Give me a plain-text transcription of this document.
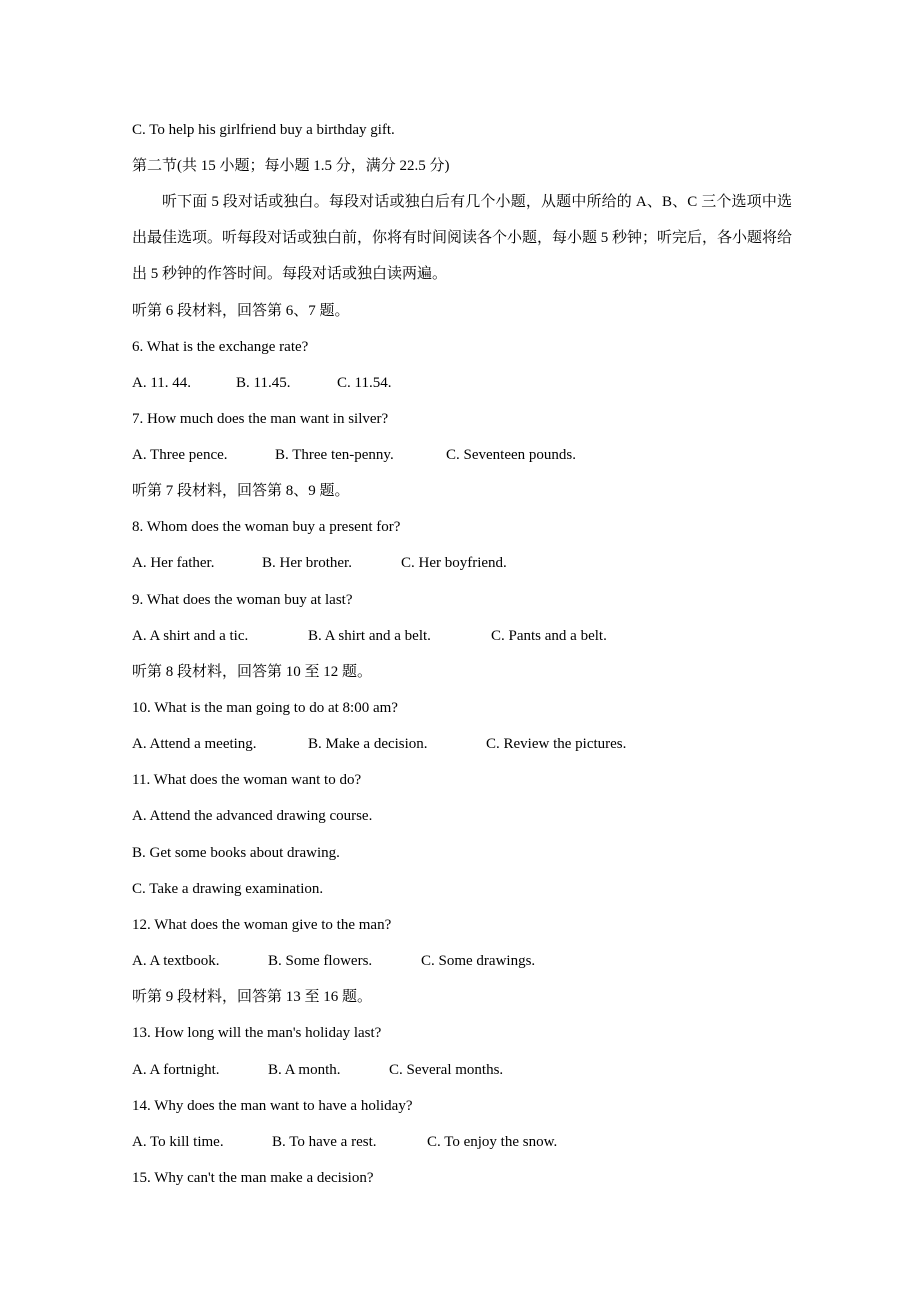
C. To help his girlfriend buy a birthday gift.
第二节(共 15 小题；每小题 1.5 分，满分 22.5 分)
听下面 5 段对话或独白。每段对话或独白后有几个小题，从题中所给的 A、B、C 三个选项中选出最佳选项。听每段对话或独白前，你将有时间阅读各个小题，每小题 5 秒钟；听完后，各小题将给出 5 秒钟的作答时间。每段对话或独白读两遍。
听第 6 段材料，回答第 6、7 题。
6. What is the exchange rate?
A. 11. 44.	B. 11.45.	C. 11.54.
7. How much does the man want in silver?
A. Three pence.	B. Three ten-penny.	C. Seventeen pounds.
听第 7 段材料，回答第 8、9 题。
8. Whom does the woman buy a present for?
A. Her father.	B. Her brother.	C. Her boyfriend.
9. What does the woman buy at last?
A. A shirt and a tic.	B. A shirt and a belt.	C. Pants and a belt.
听第 8 段材料，回答第 10 至 12 题。
10. What is the man going to do at 8:00 am?
A. Attend a meeting.	B. Make a decision.	C. Review the pictures.
11. What does the woman want to do?
A. Attend the advanced drawing course.
B. Get some books about drawing.
C. Take a drawing examination.
12. What does the woman give to the man?
A. A textbook.	B. Some flowers.	C. Some drawings.
听第 9 段材料，回答第 13 至 16 题。
13. How long will the man's holiday last?
A. A fortnight.	B. A month.	C. Several months.
14. Why does the man want to have a holiday?
A. To kill time.	B. To have a rest.	C. To enjoy the snow.
15. Why can't the man make a decision?
